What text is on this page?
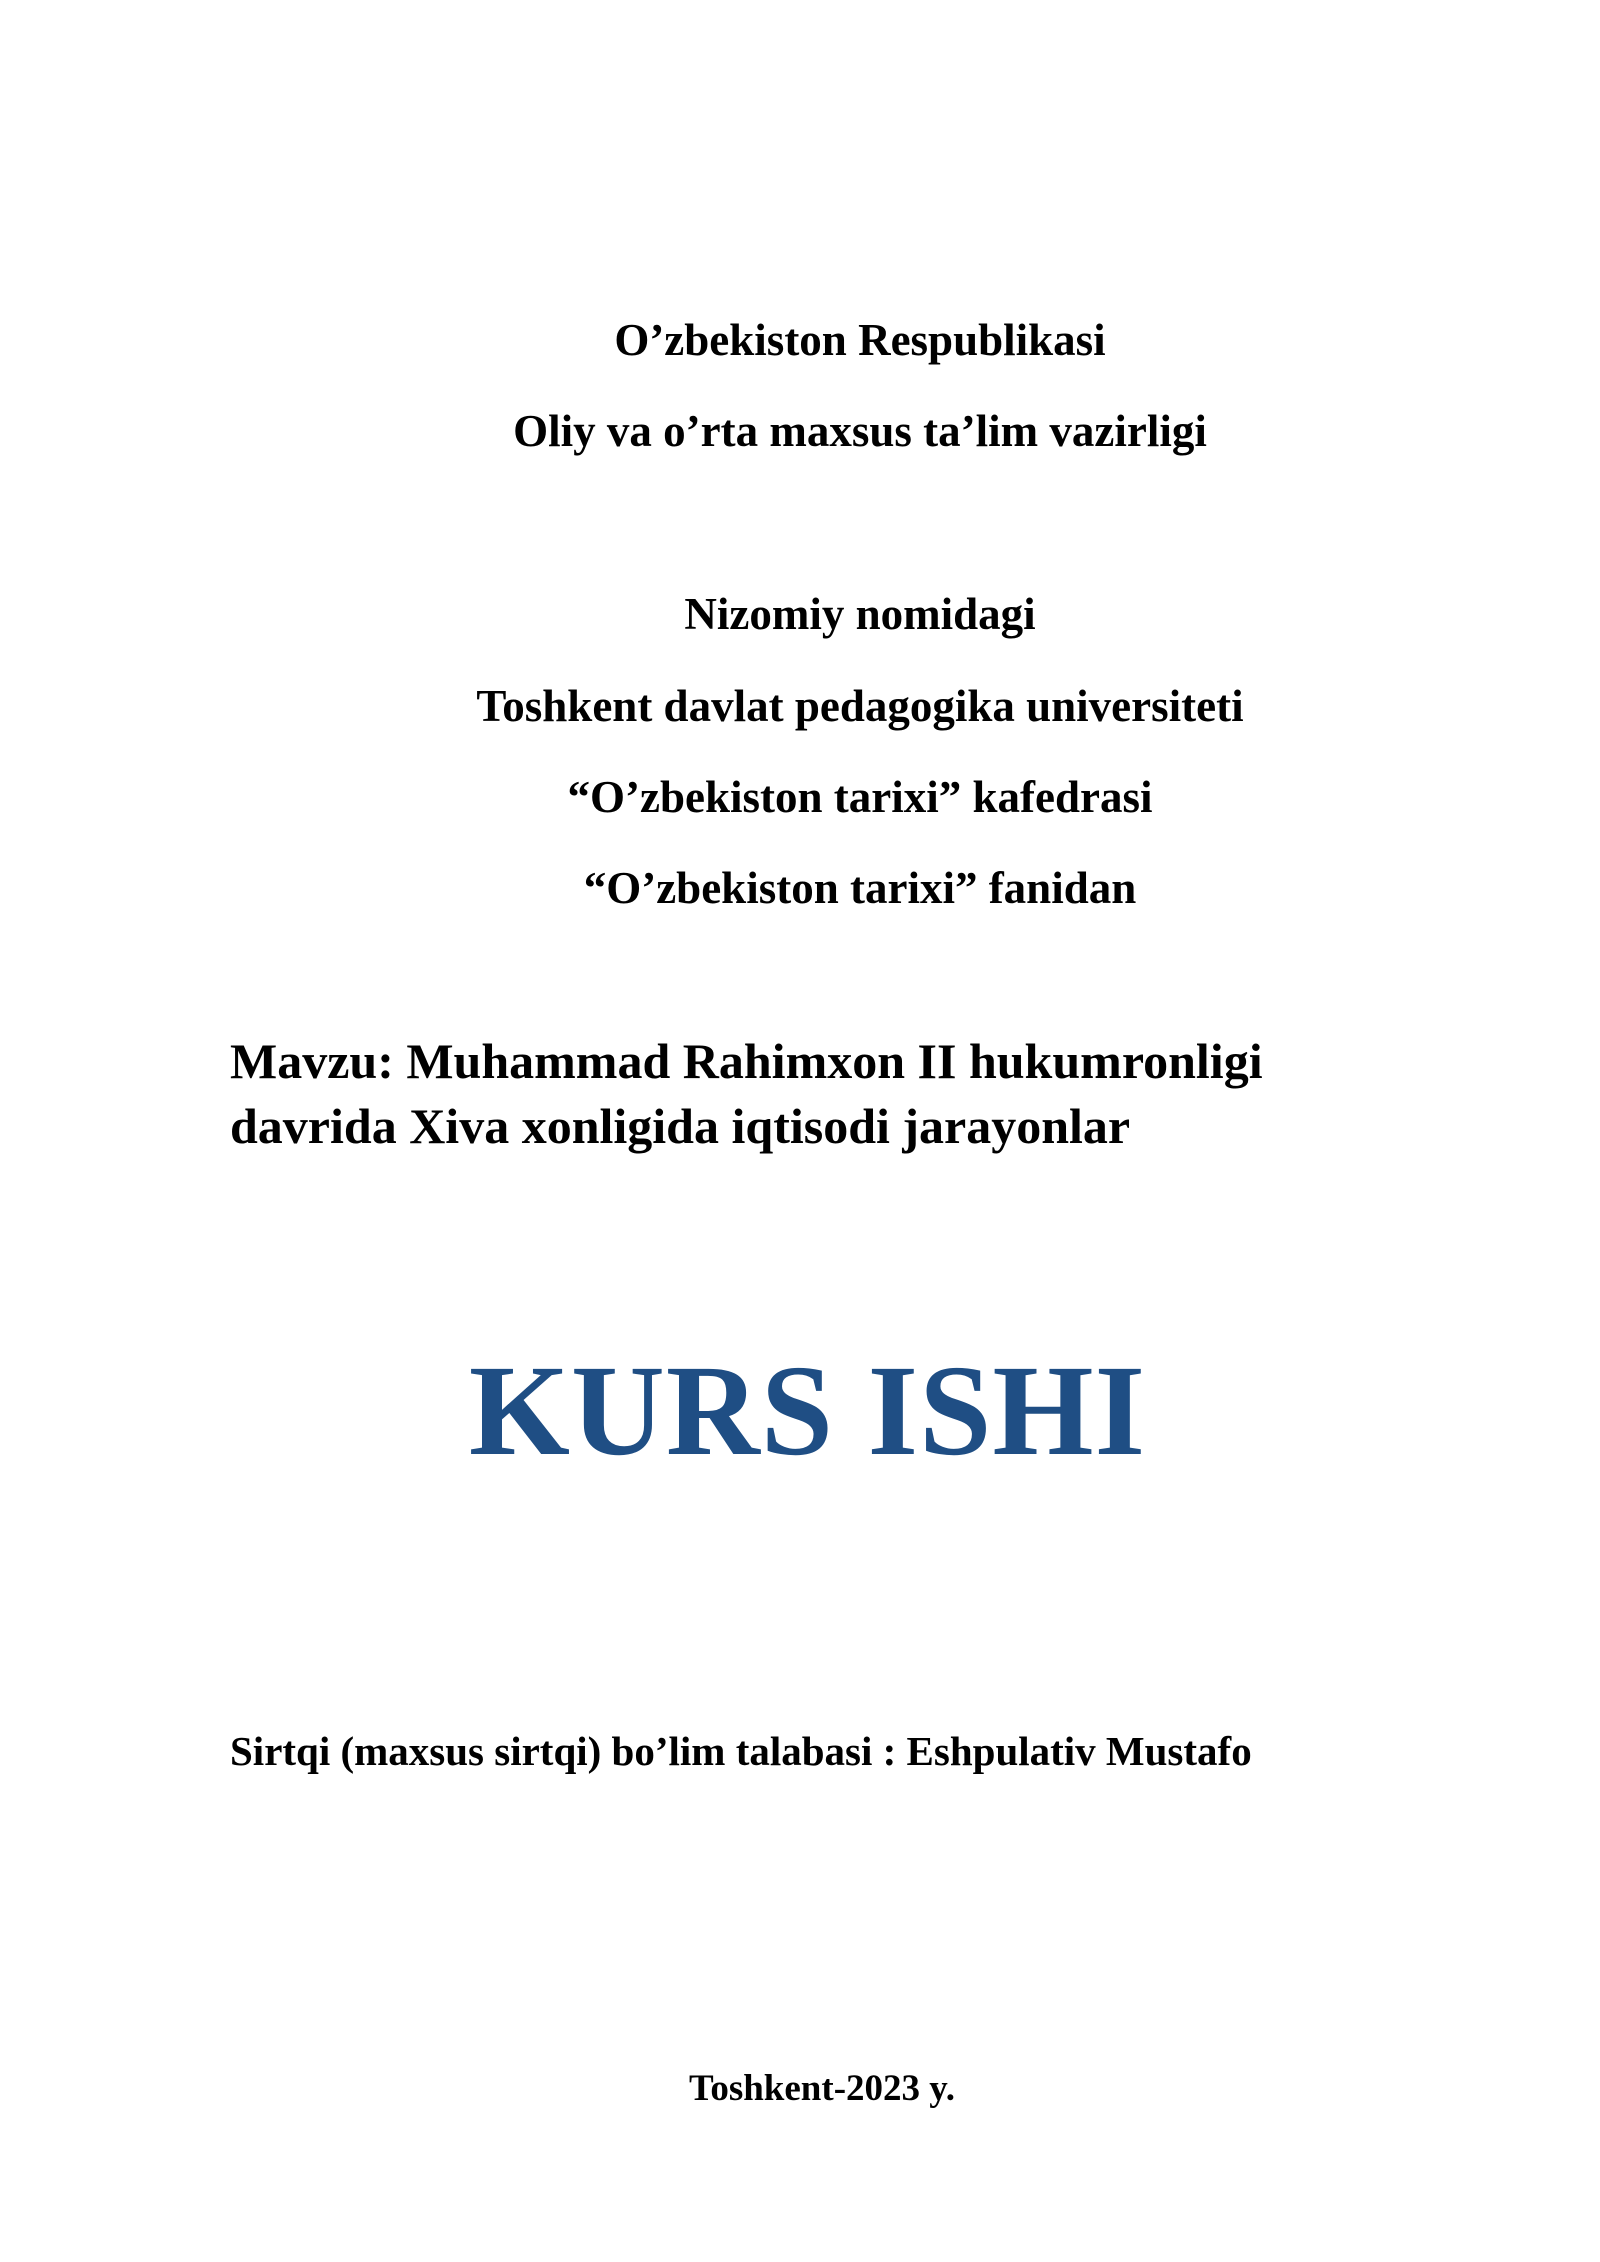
O’zbekiston Respublikasi
Oliy va o’rta maxsus ta’lim vazirligi
Nizomiy nomidagi
Toshkent davlat pedagogika universiteti
“O’zbekiston tarixi” kafedrasi
“O’zbekiston tarixi” fanidan
Mavzu: Muhammad Rahimxon II hukumronligi
davrida Xiva xonligida iqtisodi jarayonlar
KURS ISHI
Sirtqi (maxsus sirtqi) bo’lim talabasi : Eshpulativ Mustafo
Toshkent-2023 y.
